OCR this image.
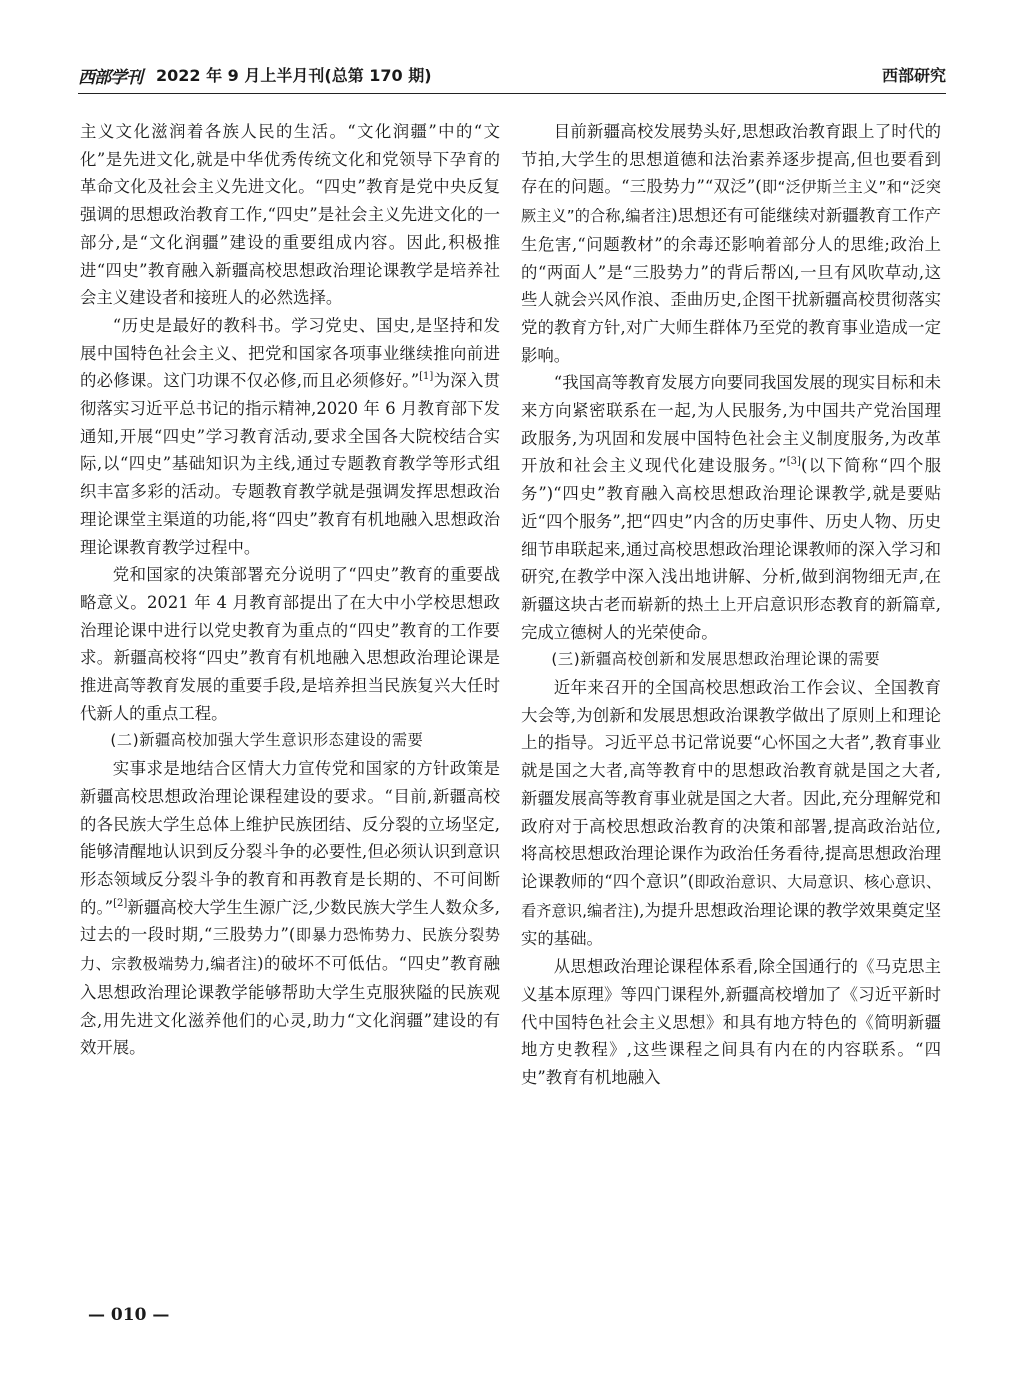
西部学刊 2022 年 9 月上半月刊(总第 170 期)	西部研究

主义文化滋润着各族人民的生活。“文化润疆”中的“文化”是先进文化,就是中华优秀传统文化和党领导下孕育的革命文化及社会主义先进文化。“四史”教育是党中央反复强调的思想政治教育工作,“四史”是社会主义先进文化的一部分,是“文化润疆”建设的重要组成内容。因此,积极推进“四史”教育融入新疆高校思想政治理论课教学是培养社会主义建设者和接班人的必然选择。

“历史是最好的教科书。学习党史、国史,是坚持和发展中国特色社会主义、把党和国家各项事业继续推向前进的必修课。这门功课不仅必修,而且必须修好。”[1]为深入贯彻落实习近平总书记的指示精神,2020 年 6 月教育部下发通知,开展“四史”学习教育活动,要求全国各大院校结合实际,以“四史”基础知识为主线,通过专题教育教学等形式组织丰富多彩的活动。专题教育教学就是强调发挥思想政治理论课堂主渠道的功能,将“四史”教育有机地融入思想政治理论课教育教学过程中。

党和国家的决策部署充分说明了“四史”教育的重要战略意义。2021 年 4 月教育部提出了在大中小学校思想政治理论课中进行以党史教育为重点的“四史”教育的工作要求。新疆高校将“四史”教育有机地融入思想政治理论课是推进高等教育发展的重要手段,是培养担当民族复兴大任时代新人的重点工程。

(二)新疆高校加强大学生意识形态建设的需要

实事求是地结合区情大力宣传党和国家的方针政策是新疆高校思想政治理论课程建设的要求。“目前,新疆高校的各民族大学生总体上维护民族团结、反分裂的立场坚定,能够清醒地认识到反分裂斗争的必要性,但必须认识到意识形态领域反分裂斗争的教育和再教育是长期的、不可间断的。”[2]新疆高校大学生生源广泛,少数民族大学生人数众多,过去的一段时期,“三股势力”(即暴力恐怖势力、民族分裂势力、宗教极端势力,编者注)的破坏不可低估。“四史”教育融入思想政治理论课教学能够帮助大学生克服狭隘的民族观念,用先进文化滋养他们的心灵,助力“文化润疆”建设的有效开展。

目前新疆高校发展势头好,思想政治教育跟上了时代的节拍,大学生的思想道德和法治素养逐步提高,但也要看到存在的问题。“三股势力”“双泛”(即“泛伊斯兰主义”和“泛突厥主义”的合称,编者注)思想还有可能继续对新疆教育工作产生危害,“问题教材”的余毒还影响着部分人的思维;政治上的“两面人”是“三股势力”的背后帮凶,一旦有风吹草动,这些人就会兴风作浪、歪曲历史,企图干扰新疆高校贯彻落实党的教育方针,对广大师生群体乃至党的教育事业造成一定影响。

“我国高等教育发展方向要同我国发展的现实目标和未来方向紧密联系在一起,为人民服务,为中国共产党治国理政服务,为巩固和发展中国特色社会主义制度服务,为改革开放和社会主义现代化建设服务。”[3](以下简称“四个服务”)“四史”教育融入高校思想政治理论课教学,就是要贴近“四个服务”,把“四史”内含的历史事件、历史人物、历史细节串联起来,通过高校思想政治理论课教师的深入学习和研究,在教学中深入浅出地讲解、分析,做到润物细无声,在新疆这块古老而崭新的热土上开启意识形态教育的新篇章,完成立德树人的光荣使命。

(三)新疆高校创新和发展思想政治理论课的需要

近年来召开的全国高校思想政治工作会议、全国教育大会等,为创新和发展思想政治课教学做出了原则上和理论上的指导。习近平总书记常说要“心怀国之大者”,教育事业就是国之大者,高等教育中的思想政治教育就是国之大者,新疆发展高等教育事业就是国之大者。因此,充分理解党和政府对于高校思想政治教育的决策和部署,提高政治站位,将高校思想政治理论课作为政治任务看待,提高思想政治理论课教师的“四个意识”(即政治意识、大局意识、核心意识、看齐意识,编者注),为提升思想政治理论课的教学效果奠定坚实的基础。

从思想政治理论课程体系看,除全国通行的《马克思主义基本原理》等四门课程外,新疆高校增加了《习近平新时代中国特色社会主义思想》和具有地方特色的《简明新疆地方史教程》,这些课程之间具有内在的内容联系。“四史”教育有机地融入

— 010 —
